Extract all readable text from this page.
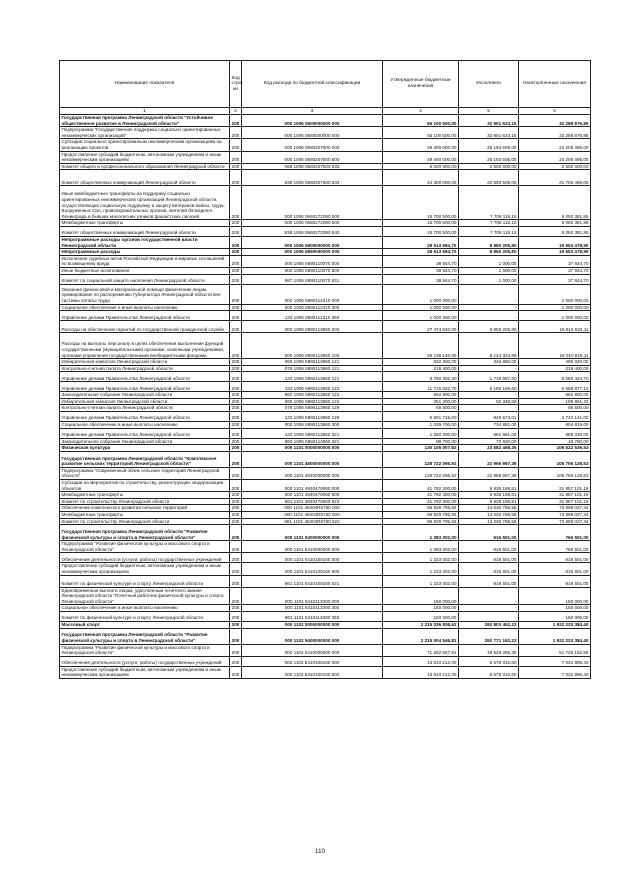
Наименование показателя	Код стро-ки	Код расхода по бюджетной классификации	Утвержденные бюджетные назначения	Исполнено	Неисполненные назначения
1	2	3	4	5	6
Государственная программа Ленинградской области "Устойчивое общественное развитие в Ленинградской области"	200	000 1006 0600000000 000	65 100 500,00	32 901 623,15	32 288 876,85
Подпрограмма "Государственная поддержка социально ориентированных некоммерческих организаций"	200	000 1006 0660000000 000	65 100 500,00	32 901 623,15	32 288 876,85
Субсидии социально ориентированным некоммерческим организациям на реализацию проектов	200	000 1006 0660207500 000	49 400 000,00	25 193 505,00	24 206 495,00
Предоставление субсидий бюджетным, автономным учреждениям и иным некоммерческим организациям	200	000 1006 0660207500 600	49 400 000,00	25 193 505,00	24 206 495,00
Комитет общего и профессионального образования Ленинградской области	200	068 1006 0660207500 633	5 000 000,00	2 500 000,00	2 500 000,00
Комитет общественных коммуникаций Ленинградской области	200	938 1006 0660207500 633	44 400 000,00	22 693 505,00	21 706 495,00
Иные межбюджетные трансферты на поддержку социально ориентированных некоммерческих организаций Ленинградской области, осуществляющих социальную поддержку и защиту ветеранов войны, труда, Вооруженных Сил, правоохранительных органов, жителей блокадного Ленинграда и бывших малолетних узников фашистских лагерей	200	000 1006 0660272080 000	15 700 500,00	7 708 118,15	8 092 381,85
Межбюджетные трансферты	200	000 1006 0660272080 500	15 700 500,00	7 708 118,15	8 092 381,85
Комитет общественных коммуникаций Ленинградской области	200	938 1006 0660272080 540	15 700 500,00	7 708 118,15	8 092 381,85
Непрограммные расходы органов государственной власти Ленинградской области	200	000 1006 6800000000 000	28 513 684,70	8 860 205,80	19 653 478,90
Непрограммные расходы	200	000 1006 6890000000 000	28 513 684,70	8 860 205,80	19 653 478,90
Исполнение судебных актов Российской Федерации и мировых соглашений по возмещению вреда	200	000 1006 6890110070 000	38 844,70	1 000,00	37 844,70
Иные бюджетные ассигнования	200	000 1006 6890110070 800	38 844,70	1 000,00	37 844,70
Комитет по социальной защите населения Ленинградской области	200	987 1006 6890110070 831	38 844,70	1 000,00	37 844,70
Оказание финансовой и материальной помощи физическим лицам, премирование по распоряжению Губернатора Ленинградской области вне системы оплаты труда	200	000 1006 6890112310 000	1 000 000,00	-	1 000 000,00
Социальное обеспечение и иные выплаты населению	200	000 1006 6890112310 300	1 000 000,00	-	1 000 000,00
Управление делами Правительства Ленинградской области	200	133 1006 6890112310 360	1 000 000,00	-	1 000 000,00
Расходы на обеспечение гарантий по государственной гражданской службе	200	000 1006 6890113860 000	27 474 840,00	8 859 205,80	18 615 634,11
Расходы на выплаты персоналу в целях обеспечения выполнения функций государственными (муниципальными) органами, казенными учреждениями, органами управления государственными внебюджетными фондами	200	000 1006 6890113860 100	26 135 140,00	8 124 324,89	18 010 815,11
Избирательная комиссия Ленинградской области	200	065 1006 6890113860 121	832 300,00	346 880,00	485 020,00
Контрольно-счетная палата Ленинградской области	200	078 1006 6890113860 121	218 400,00	-	218 400,00
Управление делами Правительства Ленинградской области	200	133 1006 6890113860 121	6 780 002,30	1 719 587,60	5 060 424,70
Управление делами Правительства Ленинградской области	200	133 1006 6890113860 122	11 715 032,70	5 156 155,60	6 558 877,10
Законодательное собрание Ленинградской области	200	960 1006 6890113860 122	662 900,00	-	662 900,00
Избирательная комиссия Ленинградской области	200	065 1006 6890113860 122	251 300,00	52 348,68	198 951,32
Контрольно-счетная палата Ленинградской области	200	078 1006 6890113860 129	65 500,00	-	65 500,00
Управление делами Правительства Ленинградской области	200	133 1006 6890113860 129	5 591 715,00	849 573,01	4 742 141,00
Социальное обеспечение и иные выплаты населению	200	000 1006 6890113860 300	1 339 700,00	734 881,00	604 819,00
Управление делами Правительства Ленинградской области	200	133 1006 6890113860 321	1 250 000,00	661 961,00	588 039,00
Законодательное собрание Ленинградской области	200	960 1006 6890113860 321	89 700,00	72 920,00	16 780,00
Физическая культура	200	000 1101 0000000000 000	130 105 007,82	23 582 468,35	106 522 539,53
Государственная программа Ленинградской области "Комплексное развитие сельских территорий Ленинградской области"	200	000 1101 4800000000 000	128 722 095,92	22 965 967,39	105 756 128,53
Подпрограмма "Современный облик сельских территорий Ленинградской области"	200	000 1101 4840000000 000	128 722 095,92	22 965 967,39	105 756 128,53
Субсидии на мероприятия по строительству, реконструкции, модернизации объектов	200	000 1101 4840470060 000	41 792 300,00	9 935 198,81	31 857 101,19
Межбюджетные трансферты	200	000 1101 4840470060 500	41 792 300,00	9 935 198,81	31 857 101,19
Комитет по строительству Ленинградской области	200	981 1101 4840470060 522	41 792 300,00	9 935 198,81	31 857 101,19
Обеспечение комплексного развития сельских территорий	200	000 1101 48404R5760 000	86 929 795,92	13 030 768,58	73 899 027,34
Межбюджетные трансферты	200	000 1101 48404R5760 500	86 929 795,92	13 030 768,58	73 899 027,34
Комитет по строительству Ленинградской области	200	981 1101 48404R5760 522	86 929 795,92	13 030 768,58	73 899 027,34
Государственная программа Ленинградской области "Развитие физической культуры и спорта в Ленинградской области"	200	000 1101 5400000000 000	1 383 002,00	616 501,00	766 501,00
Подпрограмма "Развитие физической культуры и массового спорта в Ленинградской области"	200	000 1101 5410000000 000	1 383 002,00	616 501,00	766 501,00
Обеспечение деятельности (услуги, работы) государственных учреждений	200	000 1101 5410100160 000	1 233 002,00	616 501,00	616 501,00
Предоставление субсидий бюджетным, автономным учреждениям и иным некоммерческим организациям	200	000 1101 5410100160 600	1 233 002,00	616 501,00	616 501,00
Комитет по физической культуре и спорту Ленинградской области	200	961 1101 5410100160 621	1 233 002,00	616 501,00	616 501,00
Единовременная выплата лицам, удостоенным почетного звания Ленинградской области "Почетный работник физической культуры и спорта Ленинградской области"	200	000 1101 5410113300 000	150 000,00	-	150 000,00
Социальное обеспечение и иные выплаты населению	200	000 1101 5410113300 300	150 000,00	-	150 000,00
Комитет по физической культуре и спорту Ленинградской области	200	961 1101 5410113300 350	150 000,00	-	150 000,00
Массовый спорт	200	000 1102 0000000000 000	2 215 036 836,62	292 803 452,22	1 922 233 384,40
Государственная программа Ленинградской области "Развитие физической культуры и спорта в Ленинградской области"	200	000 1102 5400000000 000	2 215 004 546,82	292 771 162,22	1 922 233 384,40
Подпрограмма "Развитие физической культуры и массового спорта в Ленинградской области"	200	000 1102 5410000000 000	71 252 557,91	19 526 395,35	51 726 162,56
Обеспечение деятельности (услуги, работы) государственных учреждений	200	000 1102 5410100160 000	13 610 212,00	6 578 315,60	7 031 896,40
Предоставление субсидий бюджетным, автономным учреждениям и иным некоммерческим организациям	200	000 1102 5410100160 600	13 610 212,00	6 578 315,60	7 031 896,40
110
